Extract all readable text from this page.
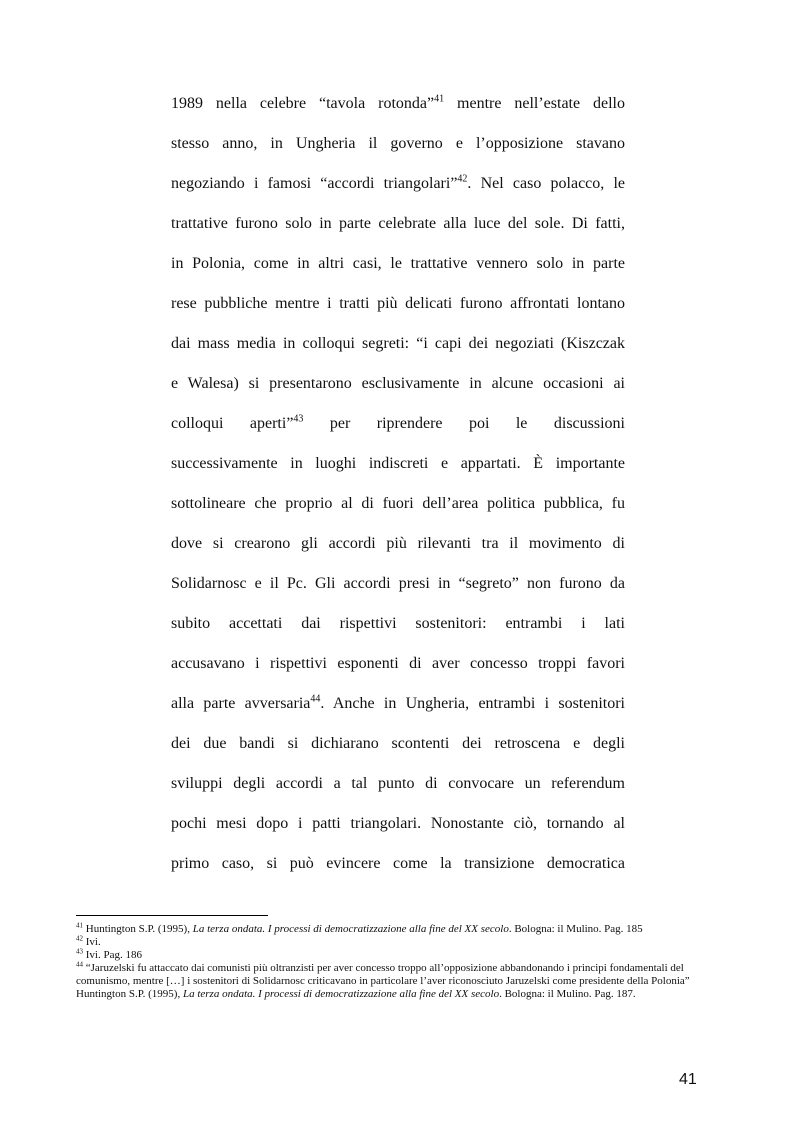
1989 nella celebre “tavola rotonda”$^{41}$ mentre nell’estate dello
stesso anno, in Ungheria il governo e l’opposizione stavano
negoziando i famosi “accordi triangolari”$^{42}$. Nel caso polacco, le
trattative furono solo in parte celebrate alla luce del sole. Di fatti,
in Polonia, come in altri casi, le trattative vennero solo in parte
rese pubbliche mentre i tratti più delicati furono affrontati lontano
dai mass media in colloqui segreti: “i capi dei negoziati (Kiszczak
e Walesa) si presentarono esclusivamente in alcune occasioni ai
colloqui aperti”$^{43}$ per riprendere poi le discussioni
successivamente in luoghi indiscreti e appartati. È importante
sottolineare che proprio al di fuori dell’area politica pubblica, fu
dove si crearono gli accordi più rilevanti tra il movimento di
Solidarnosc e il Pc. Gli accordi presi in “segreto” non furono da
subito accettati dai rispettivi sostenitori: entrambi i lati
accusavano i rispettivi esponenti di aver concesso troppi favori
alla parte avversaria$^{44}$. Anche in Ungheria, entrambi i sostenitori
dei due bandi si dichiarano scontenti dei retroscena e degli
sviluppi degli accordi a tal punto di convocare un referendum
pochi mesi dopo i patti triangolari. Nonostante ciò, tornando al
primo caso, si può evincere come la transizione democratica

$^{41}$ Huntington S.P. (1995), La terza ondata. I processi di democratizzazione alla fine del XX secolo. Bologna: il Mulino. Pag. 185

$^{42}$ Ivi.

$^{43}$ Ivi. Pag. 186

$^{44}$ “Jaruzelski fu attaccato dai comunisti più oltranzisti per aver concesso troppo all’opposizione abbandonando i principi fondamentali del comunismo, mentre […] i sostenitori di Solidarnosc criticavano in particolare l’aver riconosciuto Jaruzelski come presidente della Polonia” Huntington S.P. (1995), La terza ondata. I processi di democratizzazione alla fine del XX secolo. Bologna: il Mulino. Pag. 187.

41
